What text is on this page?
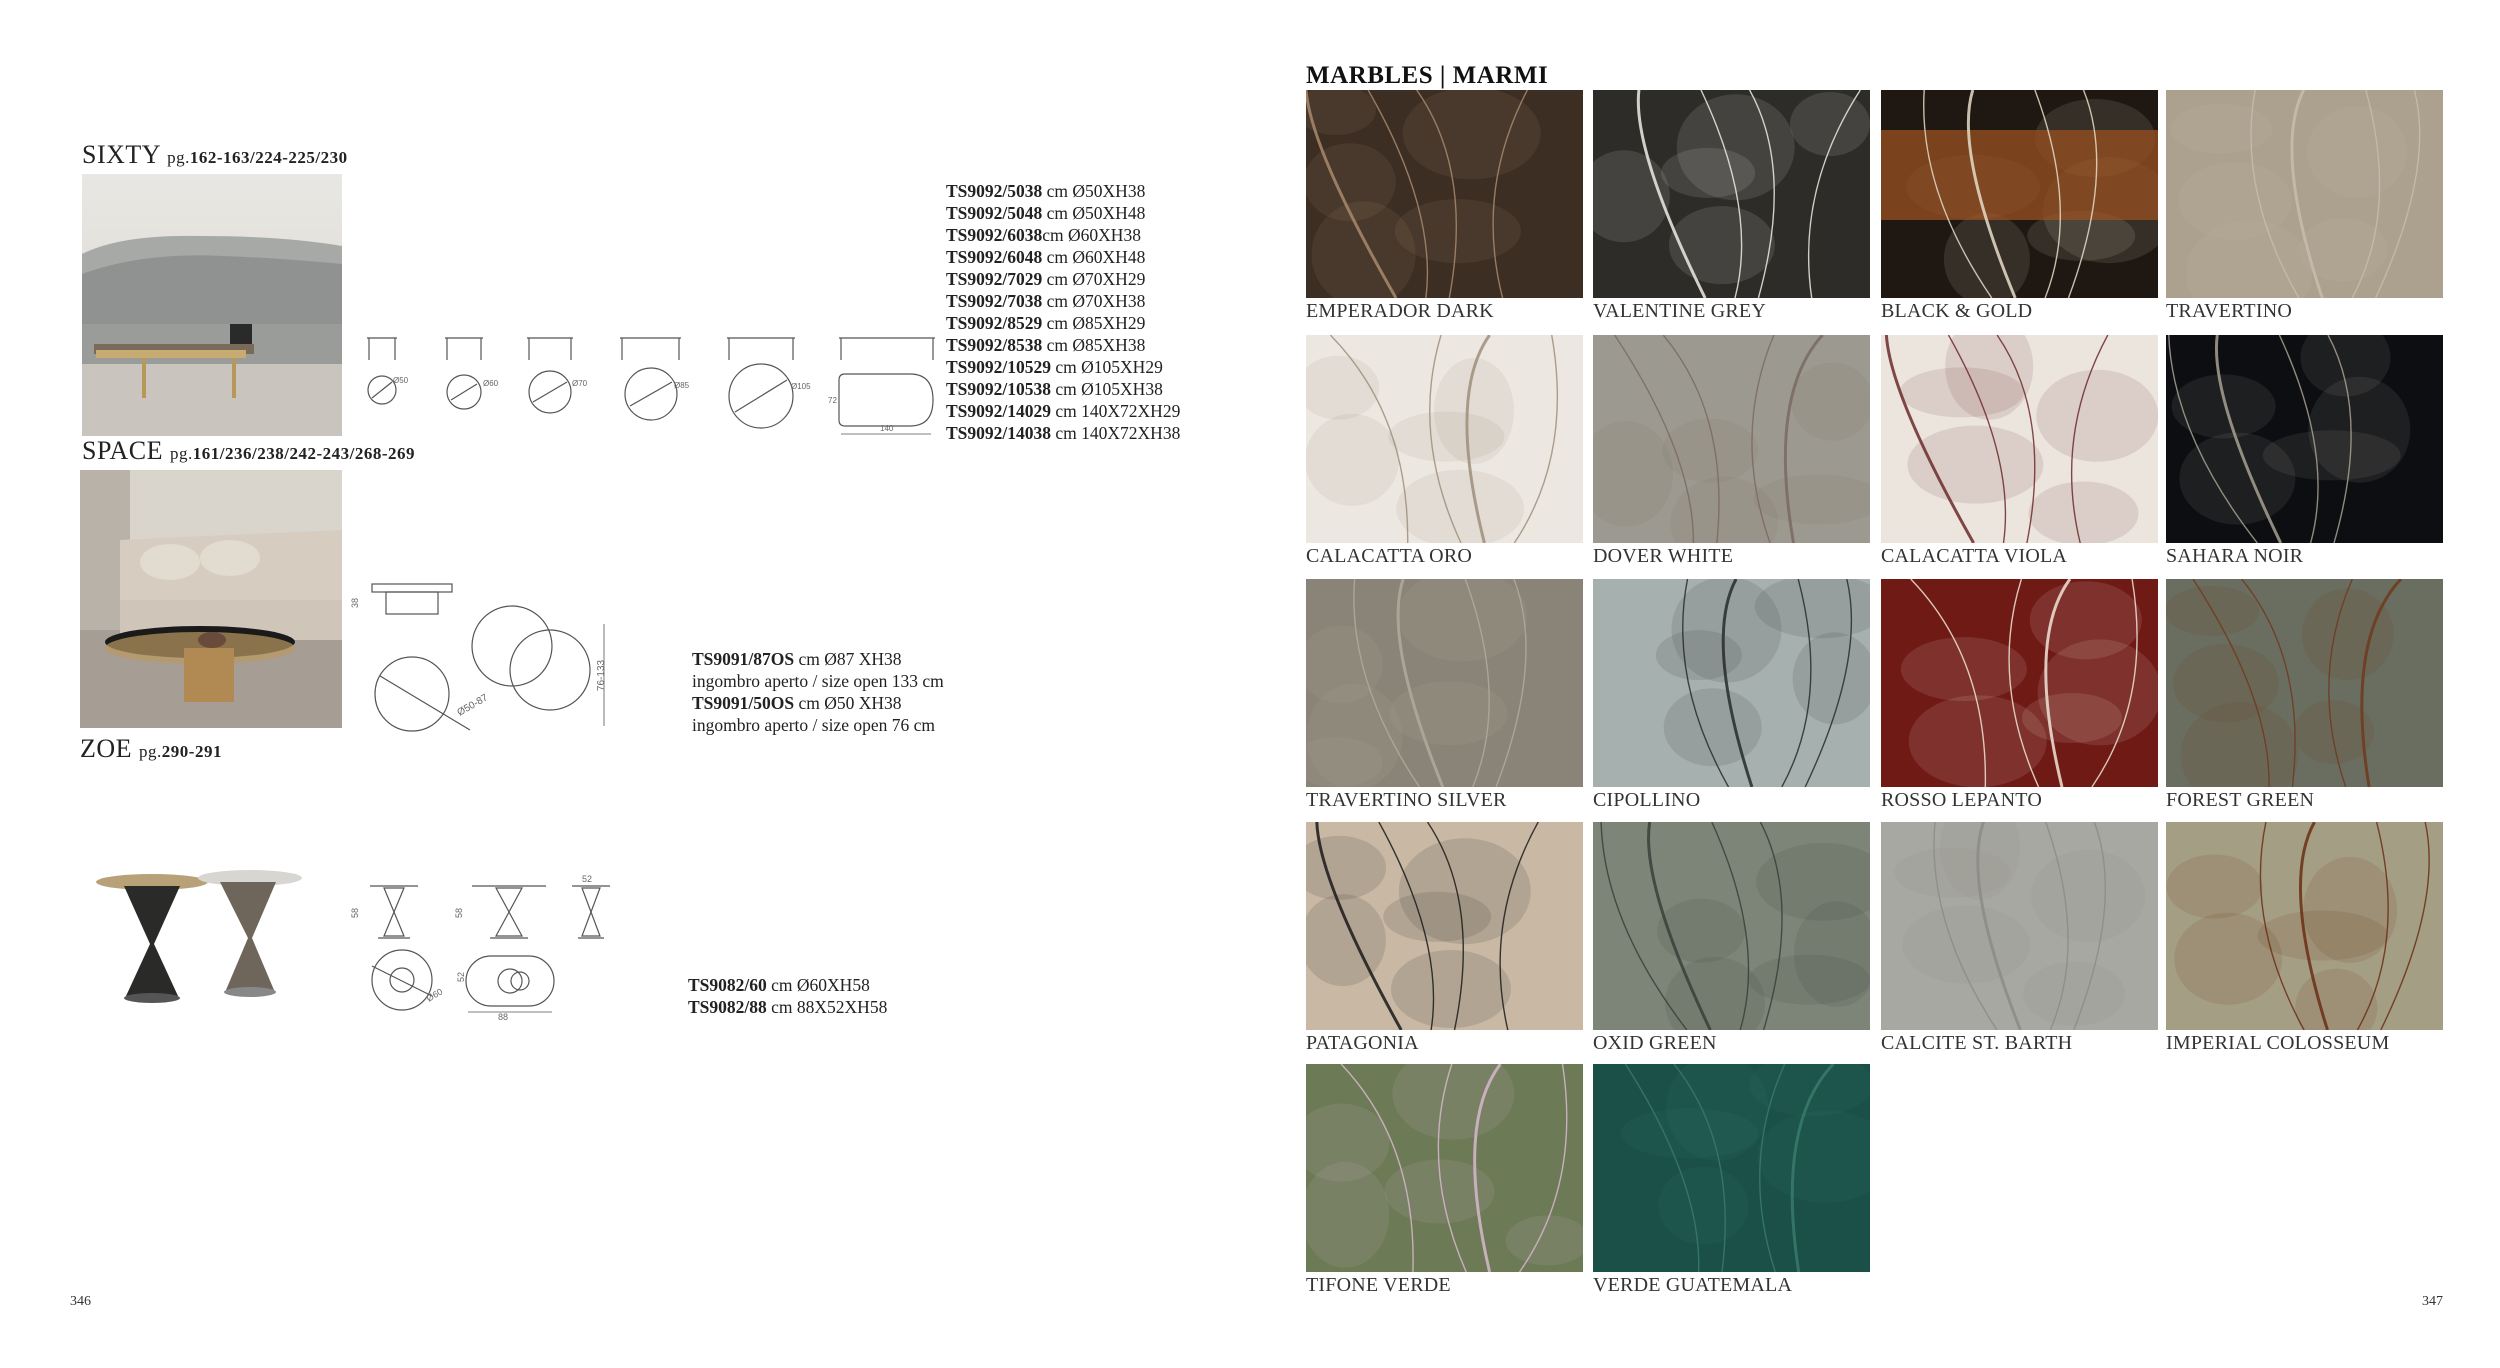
SIXTY pg.162-163/224-225/230
Ø50	Ø60	Ø70	Ø85	Ø105
140
72
TS9092/5038 cm Ø50XH38
TS9092/5048 cm Ø50XH48
TS9092/6038cm Ø60XH38
TS9092/6048 cm Ø60XH48
TS9092/7029 cm Ø70XH29
TS9092/7038 cm Ø70XH38
TS9092/8529 cm Ø85XH29
TS9092/8538 cm Ø85XH38
TS9092/10529 cm Ø105XH29
TS9092/10538 cm Ø105XH38
TS9092/14029 cm 140X72XH29
TS9092/14038 cm 140X72XH38
SPACE pg.161/236/238/242-243/268-269
38
Ø50-87
76-133
TS9091/87OS cm Ø87 XH38
ingombro aperto / size open 133 cm
TS9091/50OS cm Ø50 XH38
ingombro aperto / size open 76 cm
ZOE pg.290-291
58	58
52
Ø60
88
52	TS9082/60 cm Ø60XH58
TS9082/88 cm 88X52XH58
346
MARBLES | MARMI
EMPERADOR DARK	VALENTINE GREY	BLACK & GOLD	TRAVERTINO
CALACATTA ORO	DOVER WHITE	CALACATTA VIOLA	SAHARA NOIR
TRAVERTINO SILVER	CIPOLLINO	ROSSO LEPANTO	FOREST GREEN
PATAGONIA	OXID GREEN	CALCITE ST. BARTH	IMPERIAL COLOSSEUM
TIFONE VERDE	VERDE GUATEMALA
347
